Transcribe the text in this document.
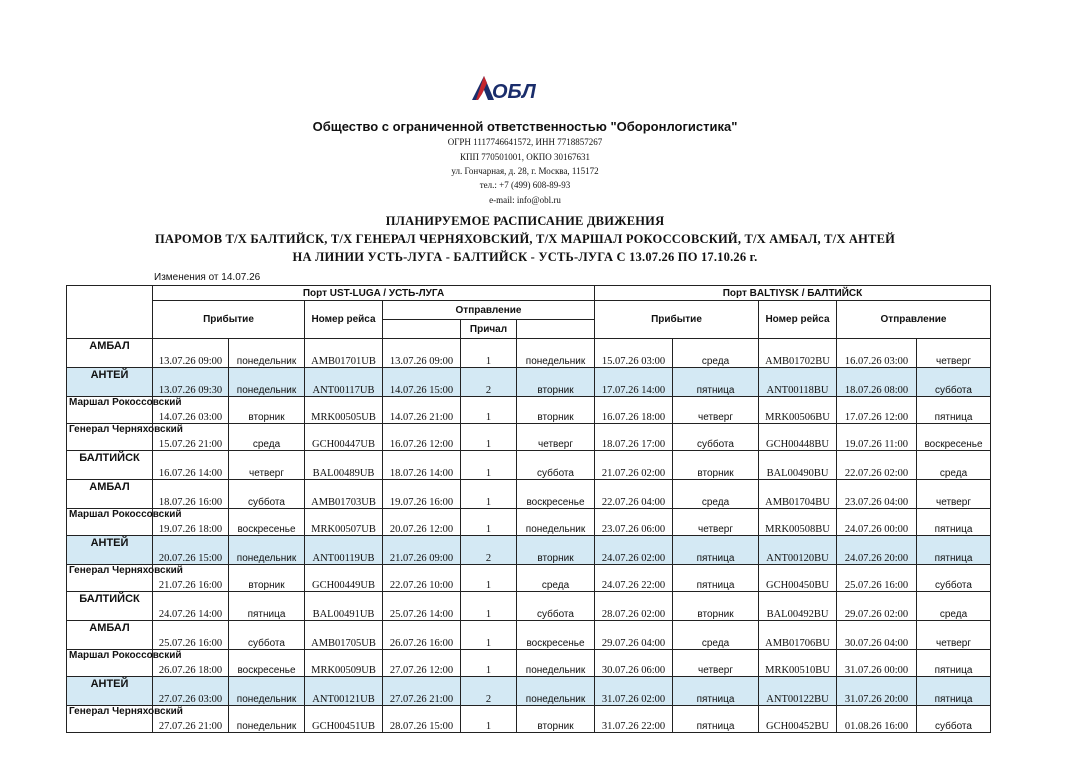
ОБЛ
Общество с ограниченной ответственностью "Оборонлогистика"
ОГРН 1117746641572, ИНН 7718857267
КПП 770501001, ОКПО 30167631
ул. Гончарная, д. 28, г. Москва, 115172
тел.: +7 (499) 608-89-93
e-mail: info@obl.ru
ПЛАНИРУЕМОЕ РАСПИСАНИЕ ДВИЖЕНИЯ
ПАРОМОВ Т/Х БАЛТИЙСК, Т/Х ГЕНЕРАЛ ЧЕРНЯХОВСКИЙ, Т/Х МАРШАЛ РОКОССОВСКИЙ, Т/Х АМБАЛ, Т/Х АНТЕЙ
НА ЛИНИИ УСТЬ-ЛУГА - БАЛТИЙСК - УСТЬ-ЛУГА С 13.07.26 ПО 17.10.26 г.
Изменения от 14.07.26
	Порт UST-LUGA / УСТЬ-ЛУГА						Порт BALTIYSK / БАЛТИЙСК				
	Прибытие		Номер рейса	Отправление			Прибытие		Номер рейса	Отправление	
					Причал						
АМБАЛ	13.07.26 09:00	понедельник	AMB01701UB	13.07.26 09:00	1	понедельник	15.07.26 03:00	среда	AMB01702BU	16.07.26 03:00	четверг
АНТЕЙ	13.07.26 09:30	понедельник	ANT00117UB	14.07.26 15:00	2	вторник	17.07.26 14:00	пятница	ANT00118BU	18.07.26 08:00	суббота
Маршал Рокоссовский	14.07.26 03:00	вторник	MRK00505UB	14.07.26 21:00	1	вторник	16.07.26 18:00	четверг	MRK00506BU	17.07.26 12:00	пятница
Генерал Черняховский	15.07.26 21:00	среда	GCH00447UB	16.07.26 12:00	1	четверг	18.07.26 17:00	суббота	GCH00448BU	19.07.26 11:00	воскресенье
БАЛТИЙСК	16.07.26 14:00	четверг	BAL00489UB	18.07.26 14:00	1	суббота	21.07.26 02:00	вторник	BAL00490BU	22.07.26 02:00	среда
АМБАЛ	18.07.26 16:00	суббота	AMB01703UB	19.07.26 16:00	1	воскресенье	22.07.26 04:00	среда	AMB01704BU	23.07.26 04:00	четверг
Маршал Рокоссовский	19.07.26 18:00	воскресенье	MRK00507UB	20.07.26 12:00	1	понедельник	23.07.26 06:00	четверг	MRK00508BU	24.07.26 00:00	пятница
АНТЕЙ	20.07.26 15:00	понедельник	ANT00119UB	21.07.26 09:00	2	вторник	24.07.26 02:00	пятница	ANT00120BU	24.07.26 20:00	пятница
Генерал Черняховский	21.07.26 16:00	вторник	GCH00449UB	22.07.26 10:00	1	среда	24.07.26 22:00	пятница	GCH00450BU	25.07.26 16:00	суббота
БАЛТИЙСК	24.07.26 14:00	пятница	BAL00491UB	25.07.26 14:00	1	суббота	28.07.26 02:00	вторник	BAL00492BU	29.07.26 02:00	среда
АМБАЛ	25.07.26 16:00	суббота	AMB01705UB	26.07.26 16:00	1	воскресенье	29.07.26 04:00	среда	AMB01706BU	30.07.26 04:00	четверг
Маршал Рокоссовский	26.07.26 18:00	воскресенье	MRK00509UB	27.07.26 12:00	1	понедельник	30.07.26 06:00	четверг	MRK00510BU	31.07.26 00:00	пятница
АНТЕЙ	27.07.26 03:00	понедельник	ANT00121UB	27.07.26 21:00	2	понедельник	31.07.26 02:00	пятница	ANT00122BU	31.07.26 20:00	пятница
Генерал Черняховский	27.07.26 21:00	понедельник	GCH00451UB	28.07.26 15:00	1	вторник	31.07.26 22:00	пятница	GCH00452BU	01.08.26 16:00	суббота
